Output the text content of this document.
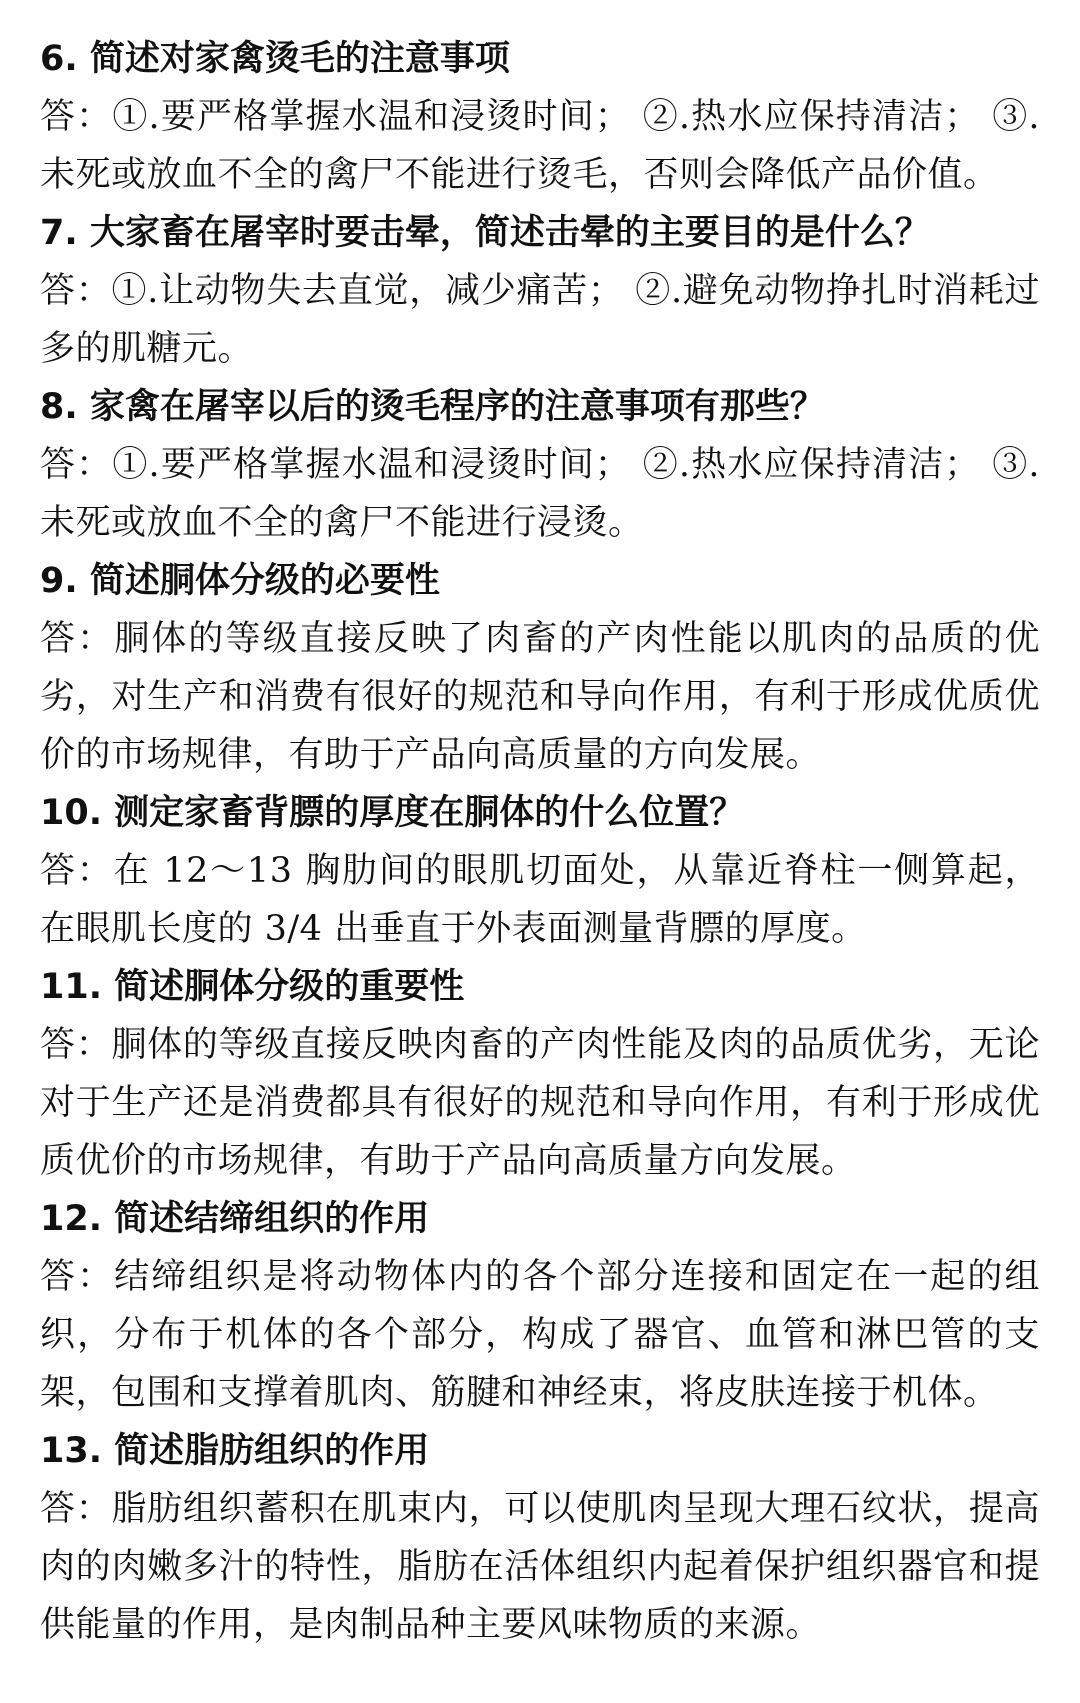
6. 简述对家禽烫毛的注意事项

答：①.要严格掌握水温和浸烫时间； ②.热水应保持清洁； ③.未死或放血不全的禽尸不能进行烫毛，否则会降低产品价值。

7. 大家畜在屠宰时要击晕，简述击晕的主要目的是什么？

答：①.让动物失去直觉，减少痛苦； ②.避免动物挣扎时消耗过多的肌糖元。

8. 家禽在屠宰以后的烫毛程序的注意事项有那些？

答：①.要严格掌握水温和浸烫时间； ②.热水应保持清洁； ③.未死或放血不全的禽尸不能进行浸烫。

9. 简述胴体分级的必要性

答：胴体的等级直接反映了肉畜的产肉性能以肌肉的品质的优劣，对生产和消费有很好的规范和导向作用，有利于形成优质优价的市场规律，有助于产品向高质量的方向发展。

10. 测定家畜背膘的厚度在胴体的什么位置？

答：在 12～13 胸肋间的眼肌切面处，从靠近脊柱一侧算起，在眼肌长度的 3/4 出垂直于外表面测量背膘的厚度。

11. 简述胴体分级的重要性

答：胴体的等级直接反映肉畜的产肉性能及肉的品质优劣，无论对于生产还是消费都具有很好的规范和导向作用，有利于形成优质优价的市场规律，有助于产品向高质量方向发展。

12. 简述结缔组织的作用

答：结缔组织是将动物体内的各个部分连接和固定在一起的组织，分布于机体的各个部分，构成了器官、血管和淋巴管的支架，包围和支撑着肌肉、筋腱和神经束，将皮肤连接于机体。

13. 简述脂肪组织的作用

答：脂肪组织蓄积在肌束内，可以使肌肉呈现大理石纹状，提高肉的肉嫩多汁的特性，脂肪在活体组织内起着保护组织器官和提供能量的作用，是肉制品种主要风味物质的来源。
